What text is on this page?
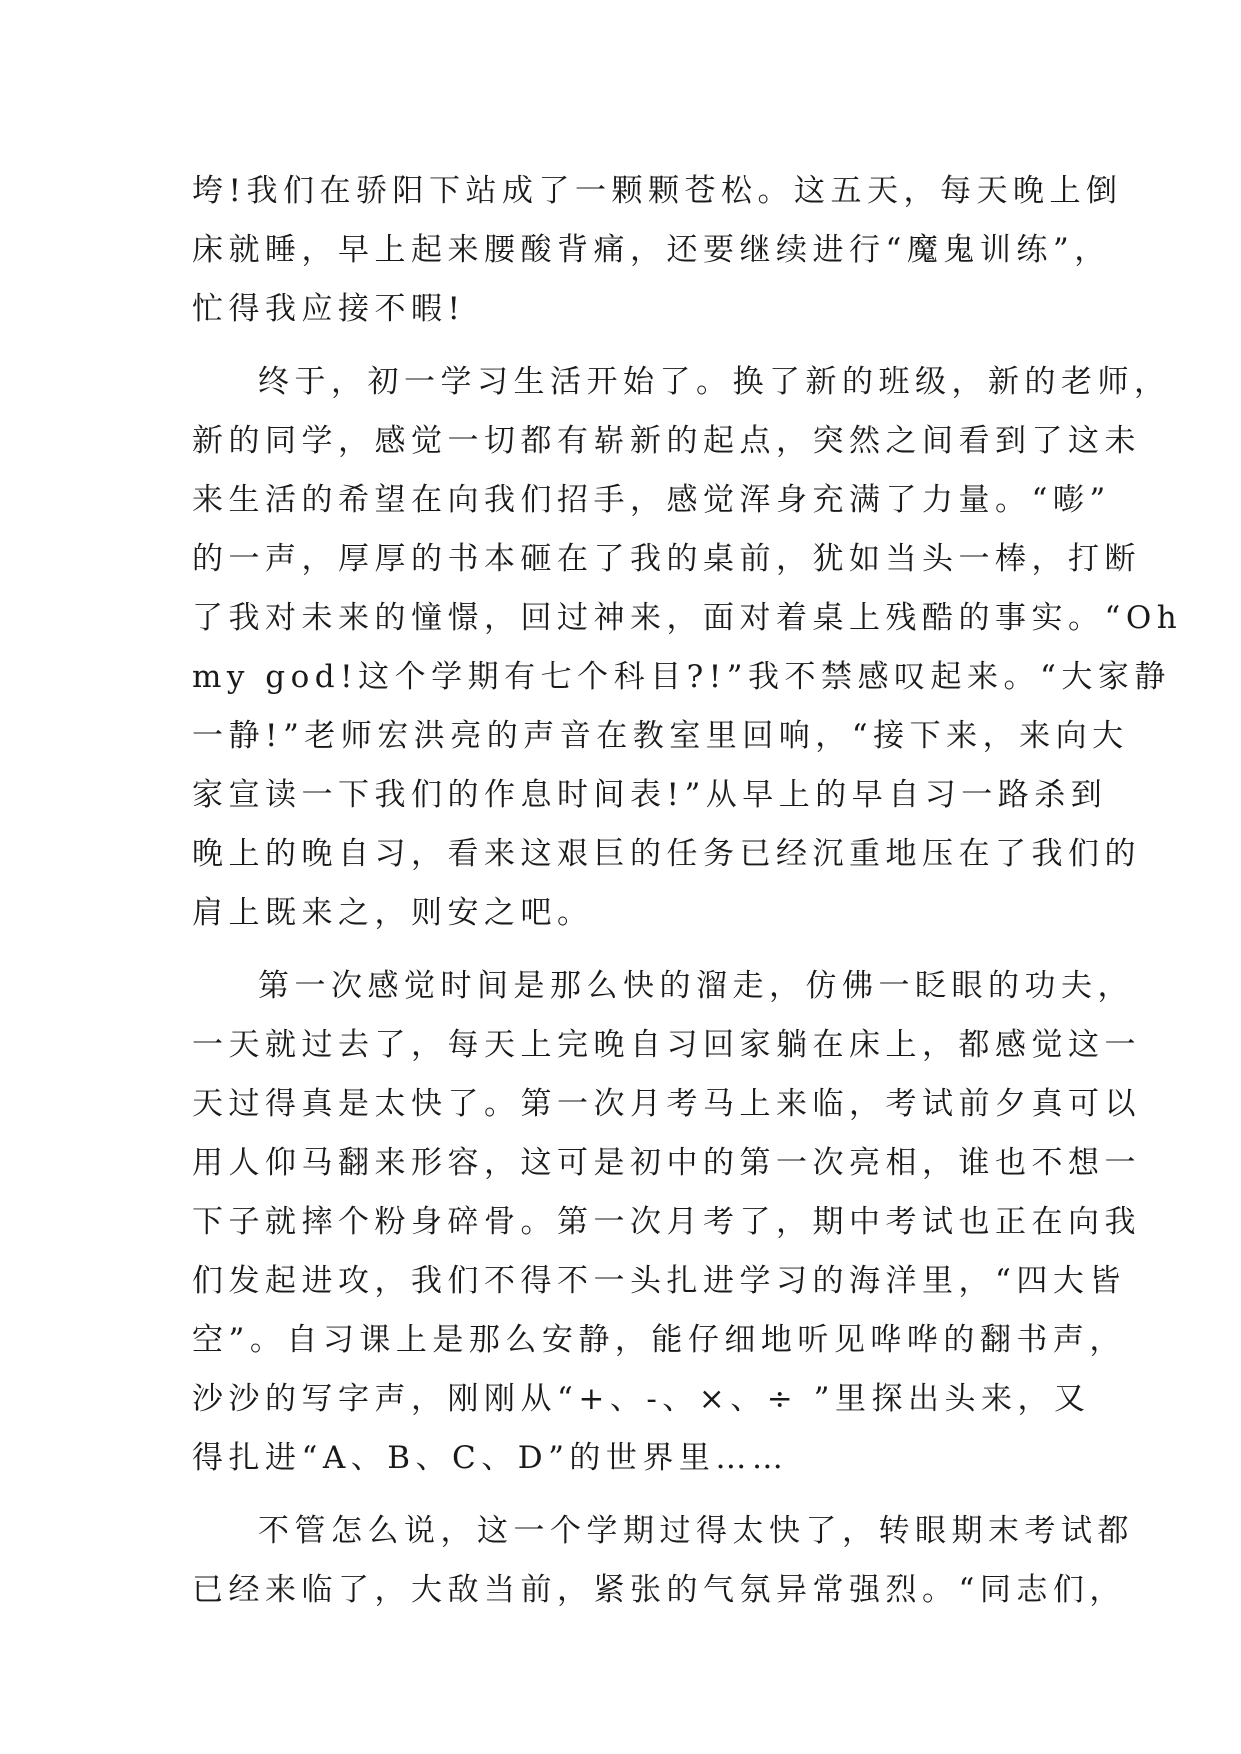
垮!我们在骄阳下站成了一颗颗苍松。这五天，每天晚上倒
床就睡，早上起来腰酸背痛，还要继续进行“魔鬼训练”，
忙得我应接不暇!
终于，初一学习生活开始了。换了新的班级，新的老师，
新的同学，感觉一切都有崭新的起点，突然之间看到了这未
来生活的希望在向我们招手，感觉浑身充满了力量。“嘭”
的一声，厚厚的书本砸在了我的桌前，犹如当头一棒，打断
了我对未来的憧憬，回过神来，面对着桌上残酷的事实。“Oh
my god!这个学期有七个科目?!”我不禁感叹起来。“大家静
一静!”老师宏洪亮的声音在教室里回响，“接下来，来向大
家宣读一下我们的作息时间表!”从早上的早自习一路杀到
晚上的晚自习，看来这艰巨的任务已经沉重地压在了我们的
肩上既来之，则安之吧。
第一次感觉时间是那么快的溜走，仿佛一眨眼的功夫，
一天就过去了，每天上完晚自习回家躺在床上，都感觉这一
天过得真是太快了。第一次月考马上来临，考试前夕真可以
用人仰马翻来形容，这可是初中的第一次亮相，谁也不想一
下子就摔个粉身碎骨。第一次月考了，期中考试也正在向我
们发起进攻，我们不得不一头扎进学习的海洋里，“四大皆
空”。自习课上是那么安静，能仔细地听见哗哗的翻书声，
沙沙的写字声，刚刚从“+、-、×、÷ ”里探出头来，又
得扎进“A、B、C、D”的世界里……
不管怎么说，这一个学期过得太快了，转眼期末考试都
已经来临了，大敌当前，紧张的气氛异常强烈。“同志们，
